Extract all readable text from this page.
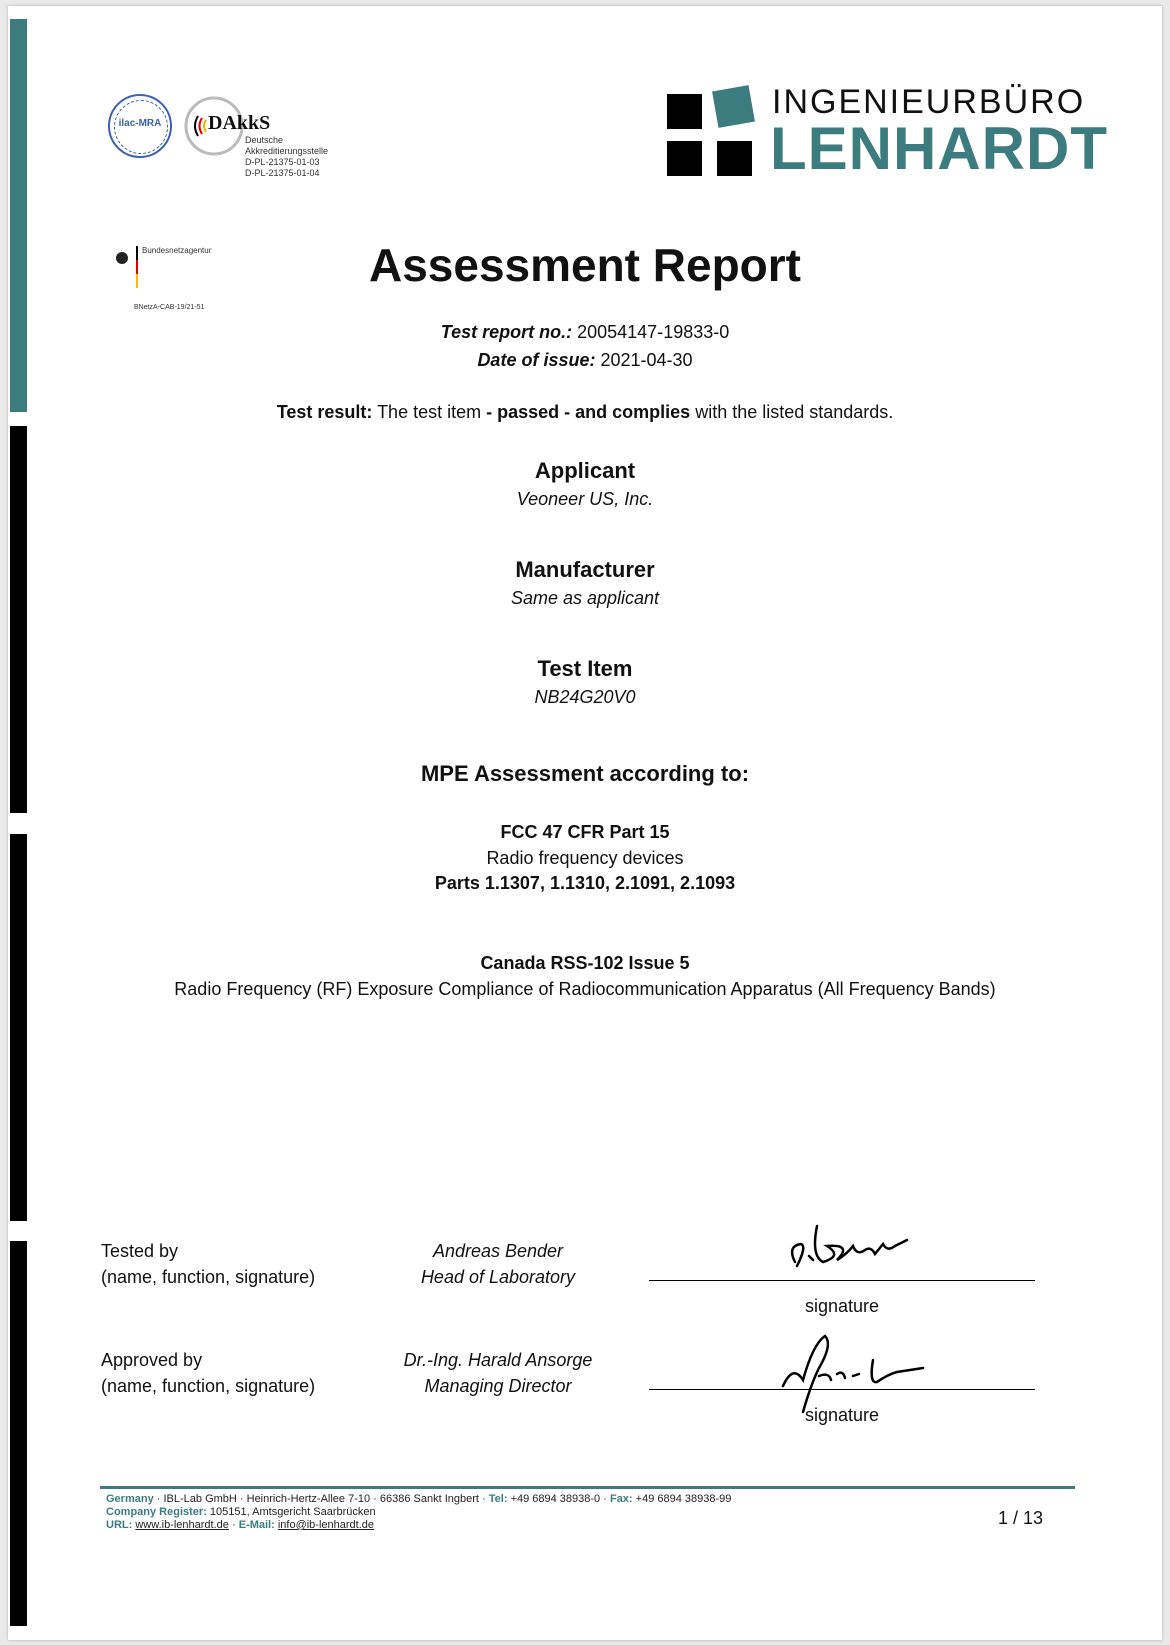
ilac-MRA	DAkkS
Deutsche
Akkreditierungsstelle
D-PL-21375-01-03
D-PL-21375-01-04
INGENIEURBÜRO
LENHARDT
Bundesnetzagentur
BNetzA-CAB-19/21-51
Assessment Report
Test report no.: 20054147-19833-0
Date of issue: 2021-04-30
Test result: The test item - passed - and complies with the listed standards.
Applicant
Veoneer US, Inc.
Manufacturer
Same as applicant
Test Item
NB24G20V0
MPE Assessment according to:
FCC 47 CFR Part 15
Radio frequency devices
Parts 1.1307, 1.1310, 2.1091, 2.1093
Canada RSS-102 Issue 5
Radio Frequency (RF) Exposure Compliance of Radiocommunication Apparatus (All Frequency Bands)
Tested by
(name, function, signature)
Andreas Bender
Head of Laboratory
signature
Approved by
(name, function, signature)
Dr.-Ing. Harald Ansorge
Managing Director
signature
Germany · IBL-Lab GmbH · Heinrich-Hertz-Allee 7-10 · 66386 Sankt Ingbert · Tel: +49 6894 38938-0 · Fax: +49 6894 38938-99
Company Register: 105151, Amtsgericht Saarbrücken
URL: www.ib-lenhardt.de · E-Mail: info@ib-lenhardt.de	1 / 13
